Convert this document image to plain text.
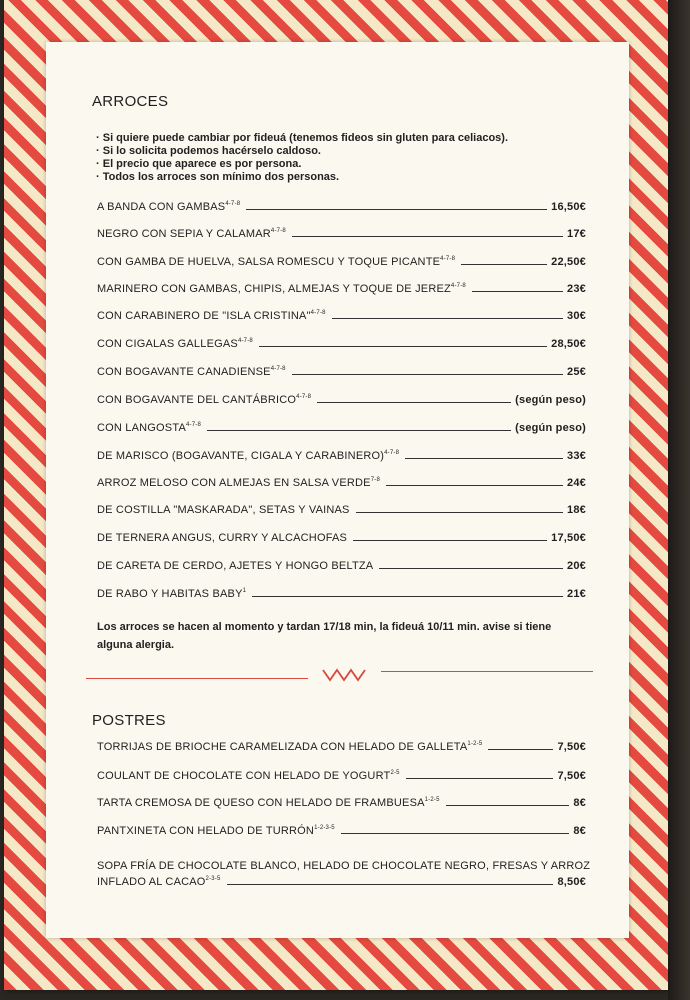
ARROCES
· Si quiere puede cambiar por fideuá (tenemos fideos sin gluten para celiacos).
· Si lo solicita podemos hacérselo caldoso.
· El precio que aparece es por persona.
· Todos los arroces son mínimo dos personas.
A BANDA CON GAMBAS$^{4-7-8}$	16,50€
NEGRO CON SEPIA Y CALAMAR$^{4-7-8}$	17€
CON GAMBA DE HUELVA, SALSA ROMESCU Y TOQUE PICANTE$^{4-7-8}$	22,50€
MARINERO CON GAMBAS, CHIPIS, ALMEJAS Y TOQUE DE JEREZ$^{4-7-8}$	23€
CON CARABINERO DE "ISLA CRISTINA"$^{4-7-8}$	30€
CON CIGALAS GALLEGAS$^{4-7-8}$	28,50€
CON BOGAVANTE CANADIENSE$^{4-7-8}$	25€
CON BOGAVANTE DEL CANTÁBRICO$^{4-7-8}$	(según peso)
CON LANGOSTA$^{4-7-8}$	(según peso)
DE MARISCO (BOGAVANTE, CIGALA Y CARABINERO)$^{4-7-8}$	33€
ARROZ MELOSO CON ALMEJAS EN SALSA VERDE$^{7-8}$	24€
DE COSTILLA "MASKARADA", SETAS Y VAINAS	18€
DE TERNERA ANGUS, CURRY Y ALCACHOFAS	17,50€
DE CARETA DE CERDO, AJETES Y HONGO BELTZA	20€
DE RABO Y HABITAS BABY$^1$	21€

Los arroces se hacen al momento y tardan 17/18 min, la fideuá 10/11 min. avise si tiene alguna alergia.

POSTRES
TORRIJAS DE BRIOCHE CARAMELIZADA CON HELADO DE GALLETA$^{1-2-5}$	7,50€
COULANT DE CHOCOLATE CON HELADO DE YOGURT$^{2-5}$	7,50€
TARTA CREMOSA DE QUESO CON HELADO DE FRAMBUESA$^{1-2-5}$	8€
PANTXINETA CON HELADO DE TURRÓN$^{1-2-3-5}$	8€
SOPA FRÍA DE CHOCOLATE BLANCO, HELADO DE CHOCOLATE NEGRO, FRESAS Y ARROZ
INFLADO AL CACAO$^{2-3-5}$	8,50€
